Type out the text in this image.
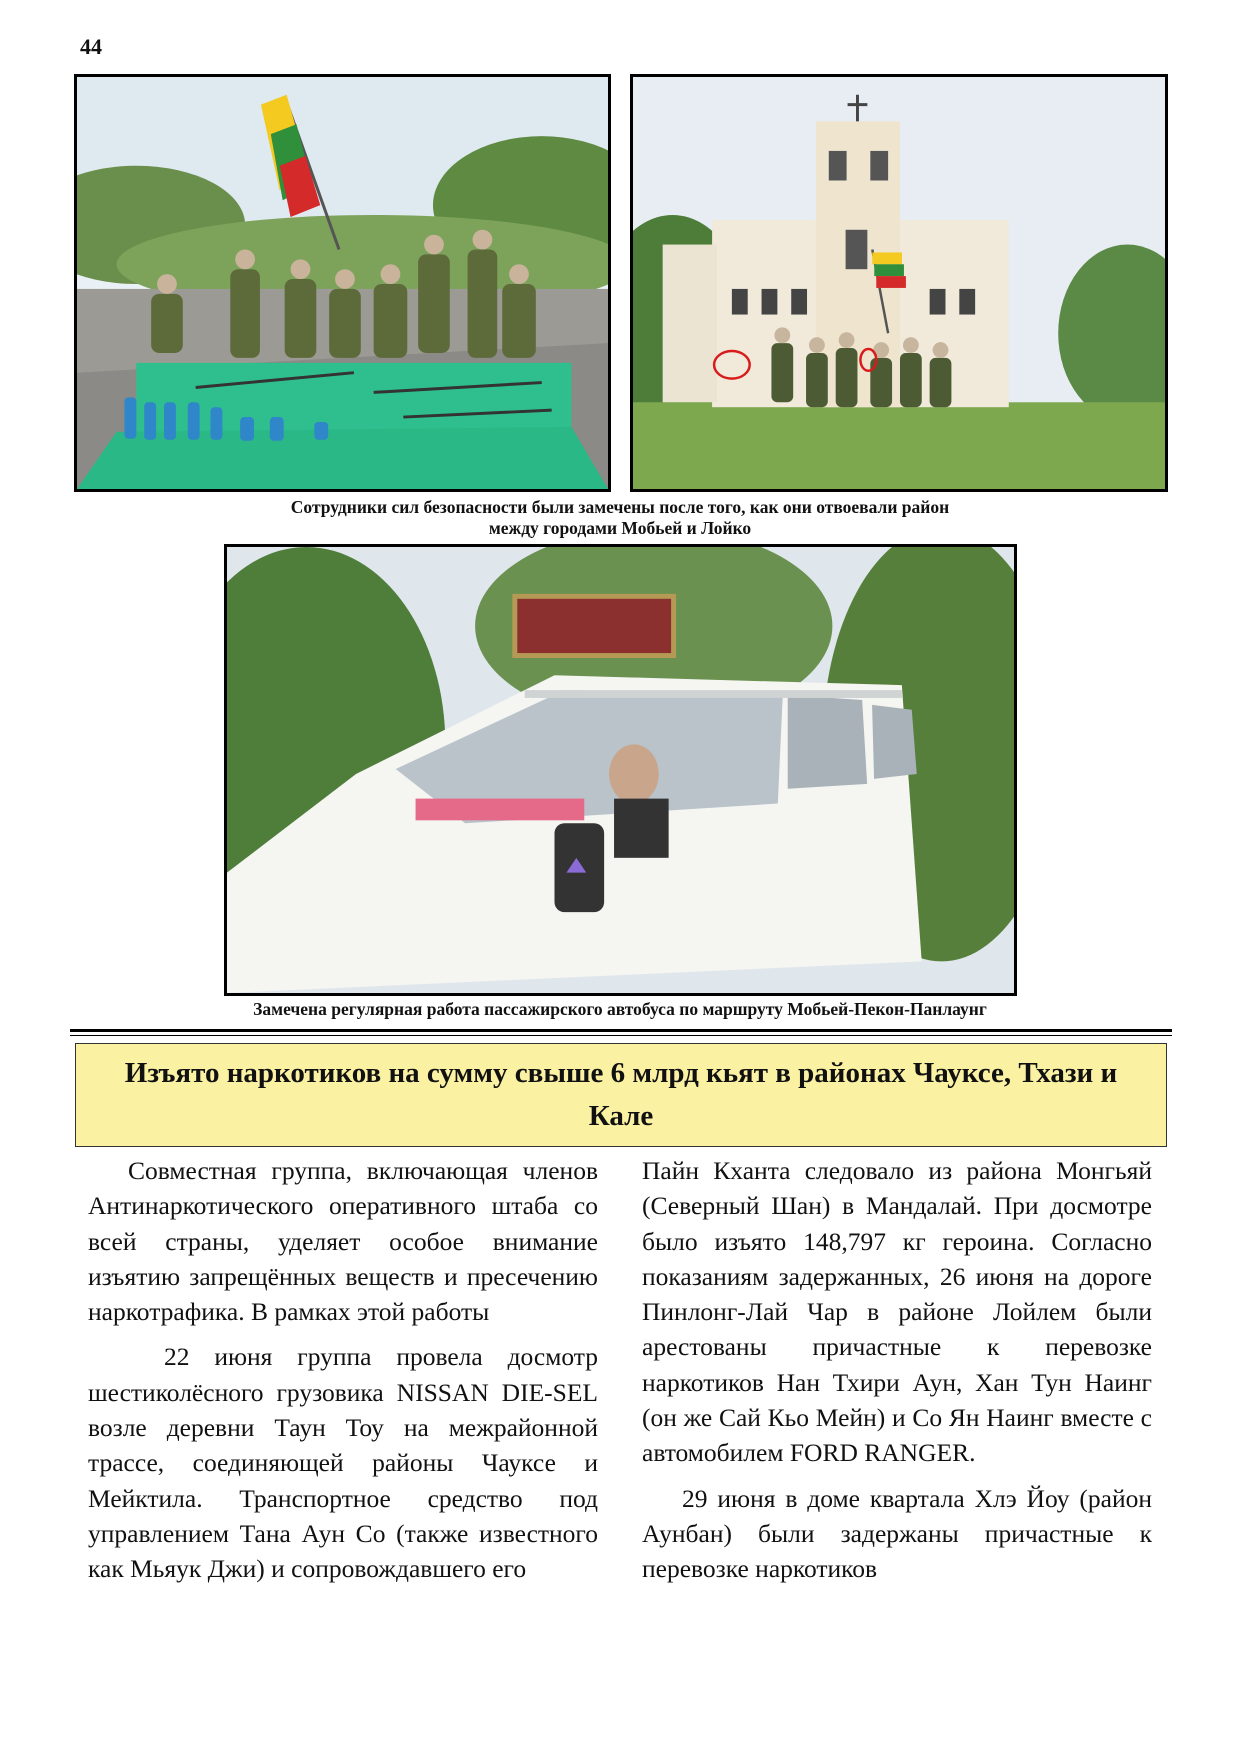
44
Сотрудники сил безопасности были замечены после того, как они отвоевали район
между городами Мобьей и Лойко
Замечена регулярная работа пассажирского автобуса по маршруту Мобьей-Пекон-Панлаунг
Изъято наркотиков на сумму свыше 6 млрд кьят в районах Чауксе, Тхази и Кале

Совместная группа, включающая членов Антинаркотического оперативного штаба со всей страны, уделяет особое внимание изъятию запрещённых веществ и пресечению наркотрафика. В рамках этой работы

22 июня группа провела досмотр шестиколёсного грузовика NISSAN DIE-SEL возле деревни Таун Тоу на межрайонной трассе, соединяющей районы Чауксе и Мейктила. Транспортное средство под управлением Тана Аун Со (также известного как Мьяук Джи) и сопровождавшего его

Пайн Кханта следовало из района Монгьяй (Северный Шан) в Мандалай. При досмотре было изъято 148,797 кг героина. Согласно показаниям задержанных, 26 июня на дороге Пинлонг-Лай Чар в районе Лойлем были арестованы причастные к перевозке наркотиков Нан Тхири Аун, Хан Тун Наинг (он же Сай Кьо Мейн) и Со Ян Наинг вместе с автомобилем FORD RANGER.

29 июня в доме квартала Хлэ Йоу (район Аунбан) были задержаны причастные к перевозке наркотиков
